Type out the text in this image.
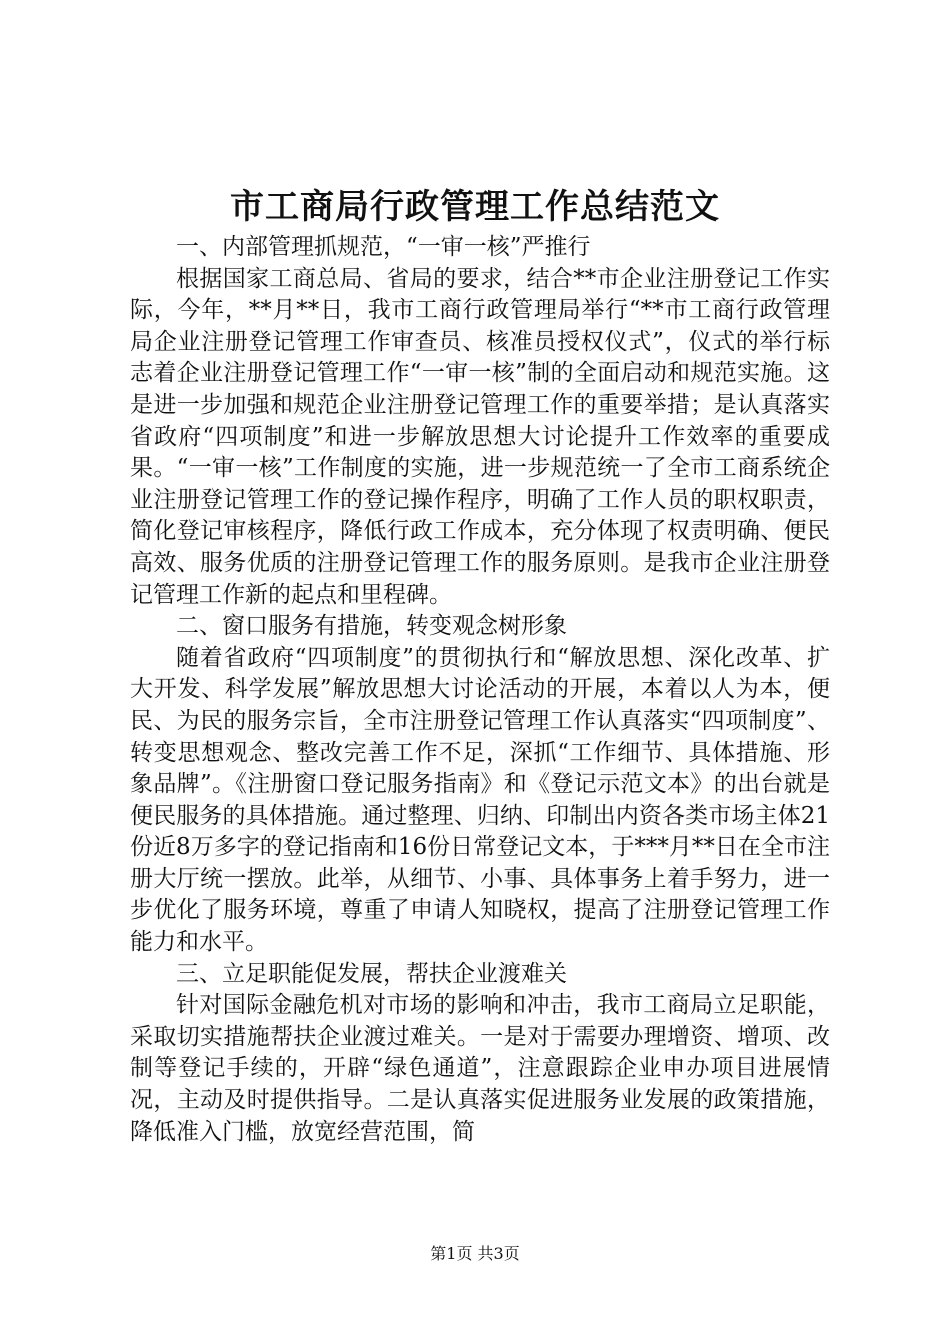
市工商局行政管理工作总结范文

一、内部管理抓规范，“一审一核”严推行

根据国家工商总局、省局的要求，结合**市企业注册登记工作实际，今年，**月**日，我市工商行政管理局举行“**市工商行政管理局企业注册登记管理工作审查员、核准员授权仪式”，仪式的举行标志着企业注册登记管理工作“一审一核”制的全面启动和规范实施。这是进一步加强和规范企业注册登记管理工作的重要举措；是认真落实省政府“四项制度”和进一步解放思想大讨论提升工作效率的重要成果。“一审一核”工作制度的实施，进一步规范统一了全市工商系统企业注册登记管理工作的登记操作程序，明确了工作人员的职权职责，简化登记审核程序，降低行政工作成本，充分体现了权责明确、便民高效、服务优质的注册登记管理工作的服务原则。是我市企业注册登记管理工作新的起点和里程碑。

二、窗口服务有措施，转变观念树形象

随着省政府“四项制度”的贯彻执行和“解放思想、深化改革、扩大开发、科学发展”解放思想大讨论活动的开展，本着以人为本，便民、为民的服务宗旨，全市注册登记管理工作认真落实“四项制度”、转变思想观念、整改完善工作不足，深抓“工作细节、具体措施、形象品牌”。《注册窗口登记服务指南》和《登记示范文本》的出台就是便民服务的具体措施。通过整理、归纳、印制出内资各类市场主体21份近8万多字的登记指南和16份日常登记文本，于***月**日在全市注册大厅统一摆放。此举，从细节、小事、具体事务上着手努力，进一步优化了服务环境，尊重了申请人知晓权，提高了注册登记管理工作能力和水平。

三、立足职能促发展，帮扶企业渡难关

针对国际金融危机对市场的影响和冲击，我市工商局立足职能，采取切实措施帮扶企业渡过难关。一是对于需要办理增资、增项、改制等登记手续的，开辟“绿色通道”，注意跟踪企业申办项目进展情况，主动及时提供指导。二是认真落实促进服务业发展的政策措施，降低准入门槛，放宽经营范围，简

第1页 共3页
